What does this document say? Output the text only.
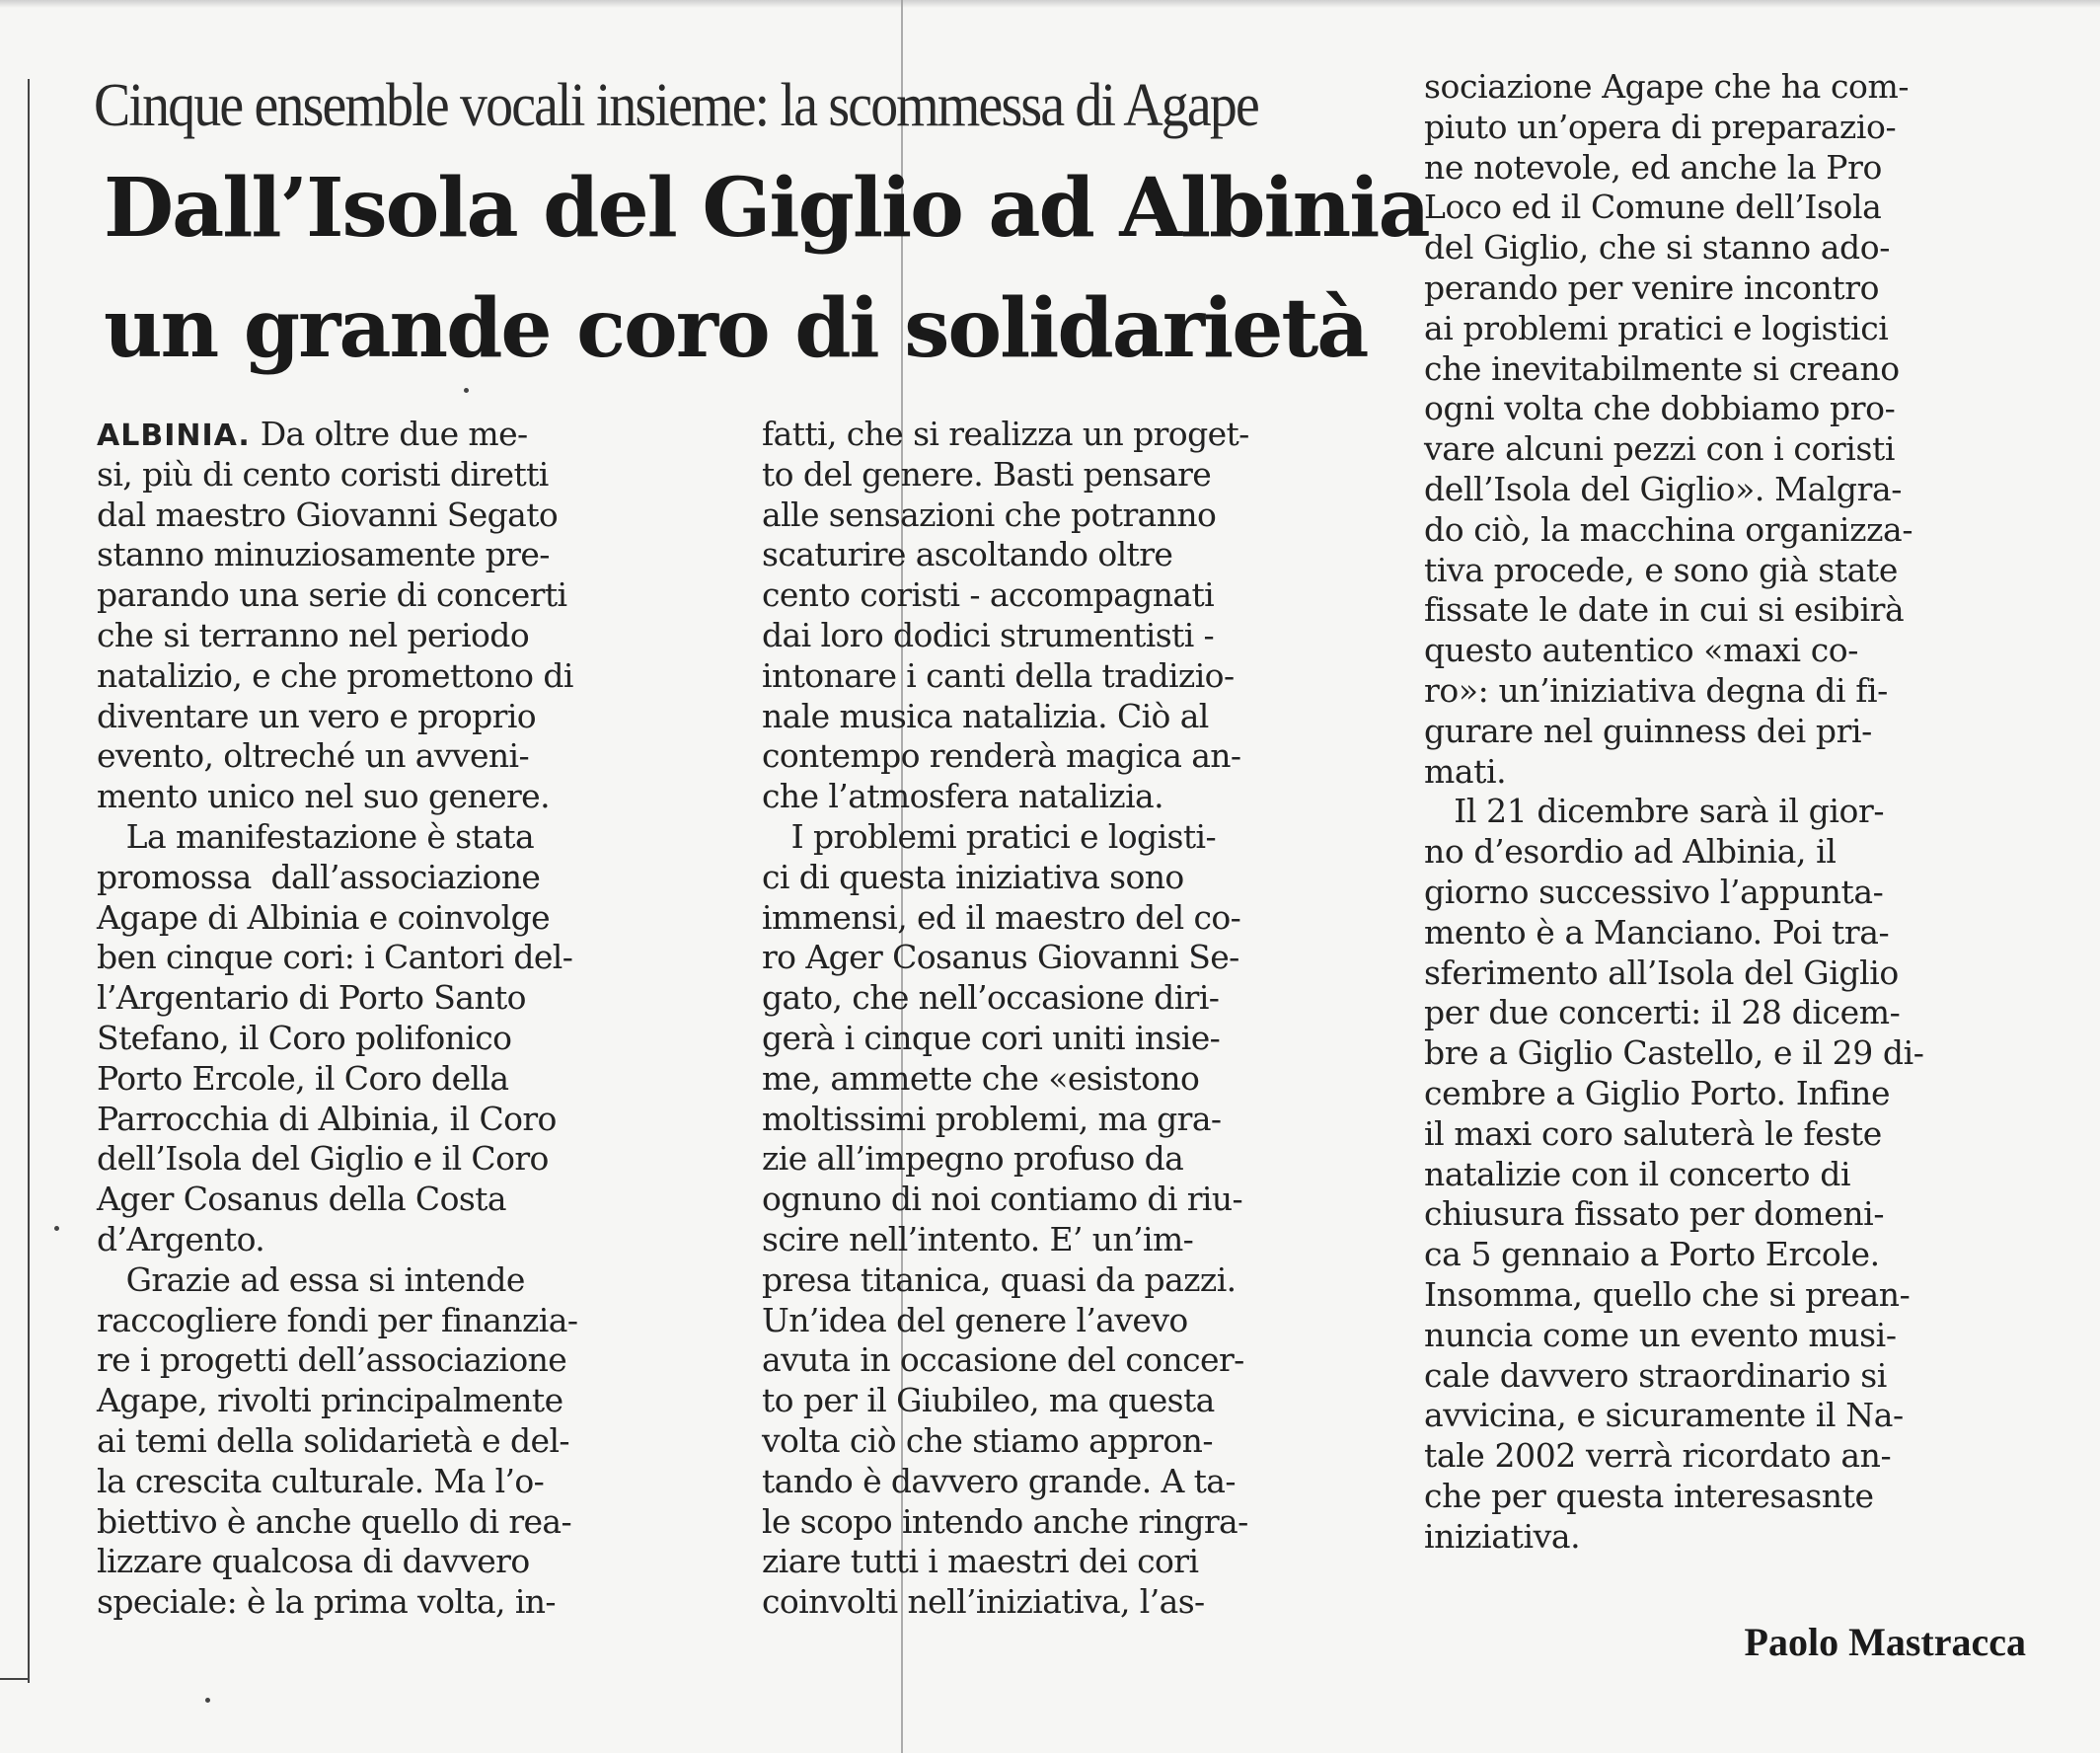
Cinque ensemble vocali insieme: la scommessa di Agape
Dall’Isola del Giglio ad Albinia
un grande coro di solidarietà
ALBINIA. Da oltre due me-
si, più di cento coristi diretti
dal maestro Giovanni Segato
stanno minuziosamente pre-
parando una serie di concerti
che si terranno nel periodo
natalizio, e che promettono di
diventare un vero e proprio
evento, oltreché un avveni-
mento unico nel suo genere.
La manifestazione è stata
promossa  dall’associazione
Agape di Albinia e coinvolge
ben cinque cori: i Cantori del-
l’Argentario di Porto Santo
Stefano, il Coro polifonico
Porto Ercole, il Coro della
Parrocchia di Albinia, il Coro
dell’Isola del Giglio e il Coro
Ager Cosanus della Costa
d’Argento.
Grazie ad essa si intende
raccogliere fondi per finanzia-
re i progetti dell’associazione
Agape, rivolti principalmente
ai temi della solidarietà e del-
la crescita culturale. Ma l’o-
biettivo è anche quello di rea-
lizzare qualcosa di davvero
speciale: è la prima volta, in-
fatti, che si realizza un proget-
to del genere. Basti pensare
alle sensazioni che potranno
scaturire ascoltando oltre
cento coristi - accompagnati
dai loro dodici strumentisti -
intonare i canti della tradizio-
nale musica natalizia. Ciò al
contempo renderà magica an-
che l’atmosfera natalizia.
I problemi pratici e logisti-
ci di questa iniziativa sono
immensi, ed il maestro del co-
ro Ager Cosanus Giovanni Se-
gato, che nell’occasione diri-
gerà i cinque cori uniti insie-
me, ammette che «esistono
moltissimi problemi, ma gra-
zie all’impegno profuso da
ognuno di noi contiamo di riu-
scire nell’intento. E’ un’im-
presa titanica, quasi da pazzi.
Un’idea del genere l’avevo
avuta in occasione del concer-
to per il Giubileo, ma questa
volta ciò che stiamo appron-
tando è davvero grande. A ta-
le scopo intendo anche ringra-
ziare tutti i maestri dei cori
coinvolti nell’iniziativa, l’as-
sociazione Agape che ha com-
piuto un’opera di preparazio-
ne notevole, ed anche la Pro
Loco ed il Comune dell’Isola
del Giglio, che si stanno ado-
perando per venire incontro
ai problemi pratici e logistici
che inevitabilmente si creano
ogni volta che dobbiamo pro-
vare alcuni pezzi con i coristi
dell’Isola del Giglio». Malgra-
do ciò, la macchina organizza-
tiva procede, e sono già state
fissate le date in cui si esibirà
questo autentico «maxi co-
ro»: un’iniziativa degna di fi-
gurare nel guinness dei pri-
mati.
Il 21 dicembre sarà il gior-
no d’esordio ad Albinia, il
giorno successivo l’appunta-
mento è a Manciano. Poi tra-
sferimento all’Isola del Giglio
per due concerti: il 28 dicem-
bre a Giglio Castello, e il 29 di-
cembre a Giglio Porto. Infine
il maxi coro saluterà le feste
natalizie con il concerto di
chiusura fissato per domeni-
ca 5 gennaio a Porto Ercole.
Insomma, quello che si prean-
nuncia come un evento musi-
cale davvero straordinario si
avvicina, e sicuramente il Na-
tale 2002 verrà ricordato an-
che per questa interesasnte
iniziativa.
Paolo Mastracca
